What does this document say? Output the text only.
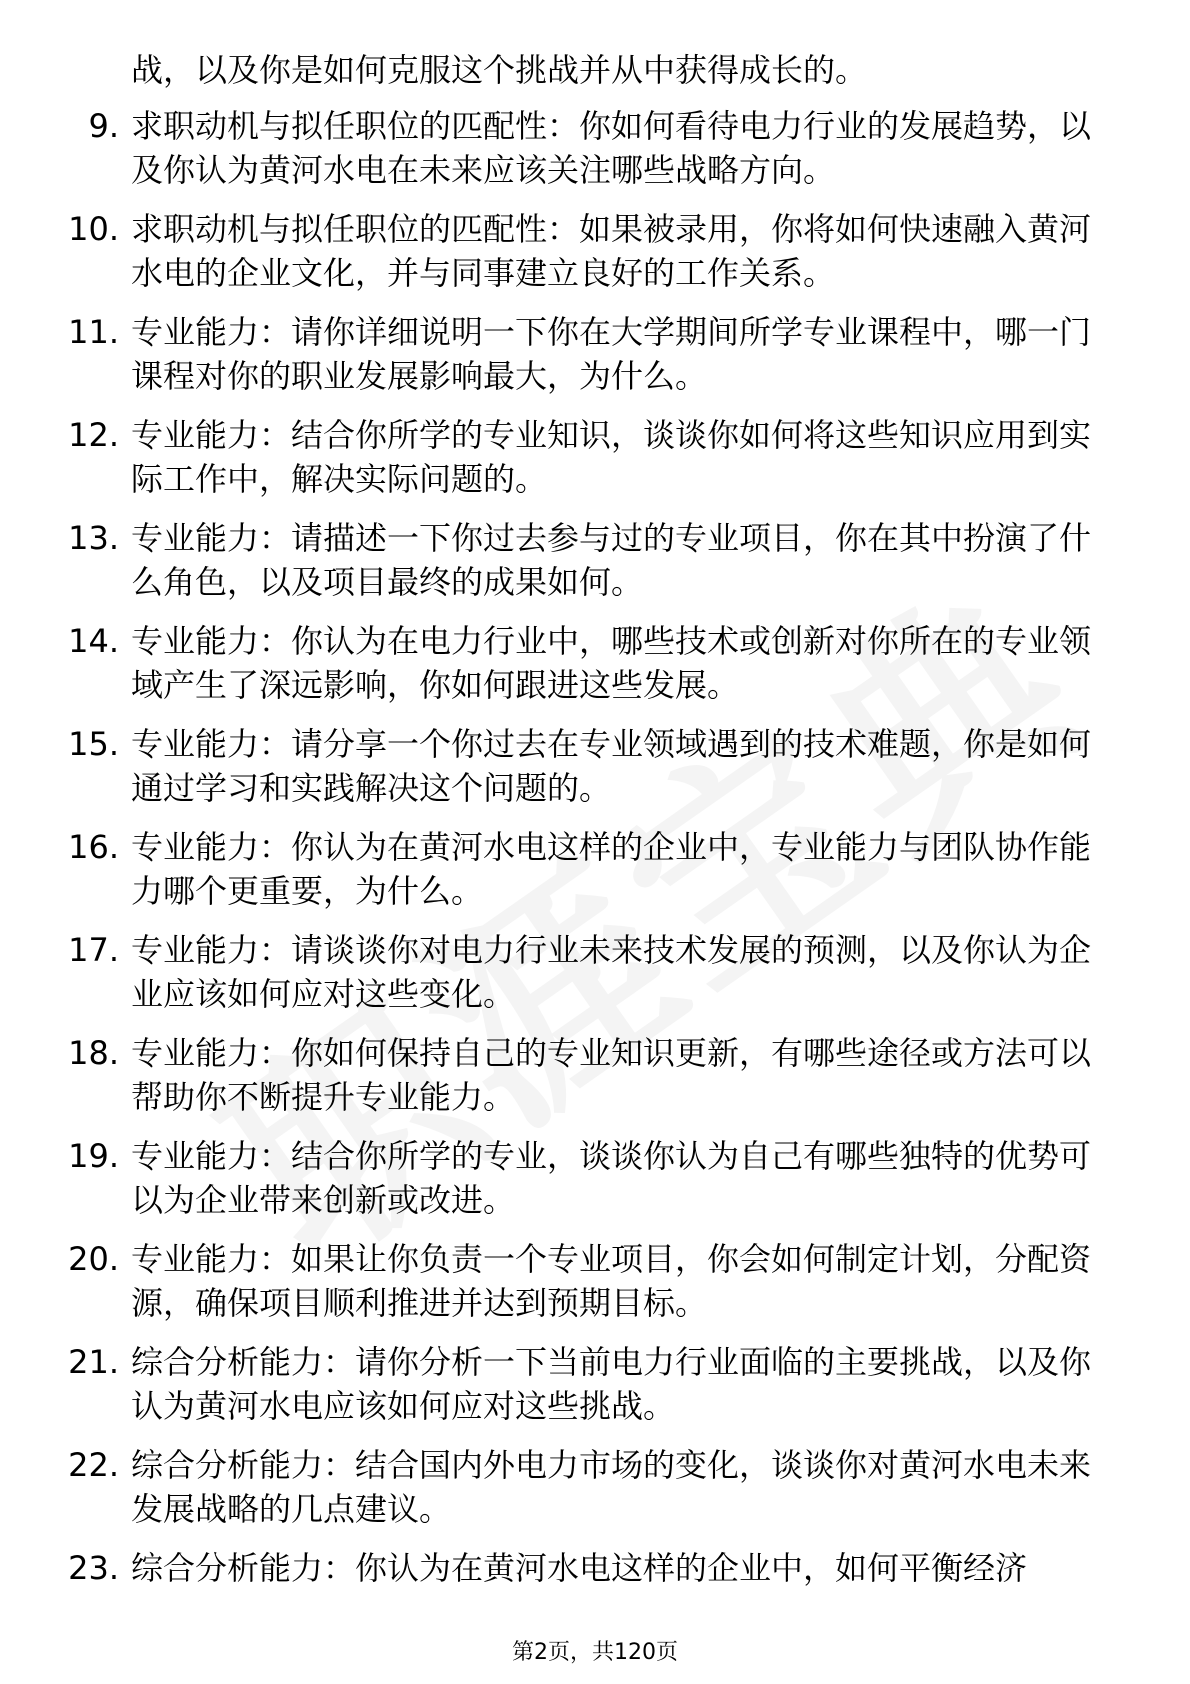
战，以及你是如何克服这个挑战并从中获得成长的。

9. 求职动机与拟任职位的匹配性：你如何看待电力行业的发展趋势，以及你认为黄河水电在未来应该关注哪些战略方向。
10. 求职动机与拟任职位的匹配性：如果被录用，你将如何快速融入黄河水电的企业文化，并与同事建立良好的工作关系。
11. 专业能力：请你详细说明一下你在大学期间所学专业课程中，哪一门课程对你的职业发展影响最大，为什么。
12. 专业能力：结合你所学的专业知识，谈谈你如何将这些知识应用到实际工作中，解决实际问题的。
13. 专业能力：请描述一下你过去参与过的专业项目，你在其中扮演了什么角色，以及项目最终的成果如何。
14. 专业能力：你认为在电力行业中，哪些技术或创新对你所在的专业领域产生了深远影响，你如何跟进这些发展。
15. 专业能力：请分享一个你过去在专业领域遇到的技术难题，你是如何通过学习和实践解决这个问题的。
16. 专业能力：你认为在黄河水电这样的企业中，专业能力与团队协作能力哪个更重要，为什么。
17. 专业能力：请谈谈你对电力行业未来技术发展的预测，以及你认为企业应该如何应对这些变化。
18. 专业能力：你如何保持自己的专业知识更新，有哪些途径或方法可以帮助你不断提升专业能力。
19. 专业能力：结合你所学的专业，谈谈你认为自己有哪些独特的优势可以为企业带来创新或改进。
20. 专业能力：如果让你负责一个专业项目，你会如何制定计划，分配资源，确保项目顺利推进并达到预期目标。
21. 综合分析能力：请你分析一下当前电力行业面临的主要挑战，以及你认为黄河水电应该如何应对这些挑战。
22. 综合分析能力：结合国内外电力市场的变化，谈谈你对黄河水电未来发展战略的几点建议。
23. 综合分析能力：你认为在黄河水电这样的企业中，如何平衡经济
第2页，共120页
